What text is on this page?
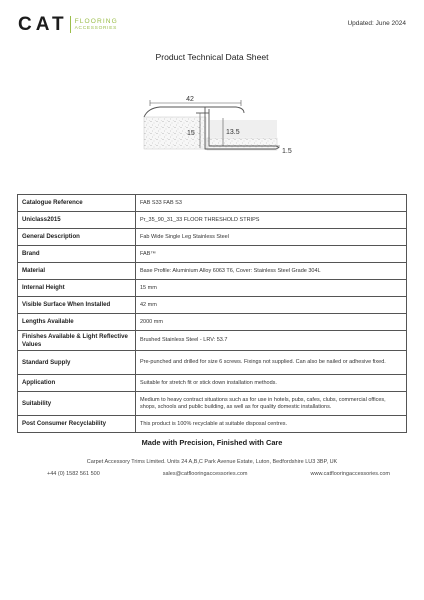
CAT FLOORING
ACCESSORIES
Updated: June 2024
Product Technical Data Sheet
42
15	13.5
1.5
Catalogue Reference	FAB S33 FAB S3
Uniclass2015	Pr_35_90_31_33 FLOOR THRESHOLD STRIPS
General Description	Fab Wide Single Leg Stainless Steel
Brand	FAB™
Material	Base Profile: Aluminium Alloy 6063 T6, Cover: Stainless Steel Grade 304L
Internal Height	15 mm
Visible Surface When Installed	42 mm
Lengths Available	2000 mm
Finishes Available & Light Reflective Values	Brushed Stainless Steel - LRV: 53.7
Standard Supply	Pre-punched and drilled for size 6 screws. Fixings not supplied. Can also be nailed or adhesive fixed.
Application	Suitable for stretch fit or stick down installation methods.
Suitability	Medium to heavy contract situations such as for use in hotels, pubs, cafes, clubs, commercial offices, shops, schools and public building, as well as for quality domestic installations.
Post Consumer Recyclability	This product is 100% recyclable at suitable disposal centres.
Made with Precision, Finished with Care
Carpet Accessory Trims Limited. Units 24 A,B,C Park Avenue Estate, Luton, Bedfordshire LU3 3BP, UK
+44 (0) 1582 561 500	sales@catflooringaccessories.com	www.catflooringaccessories.com
